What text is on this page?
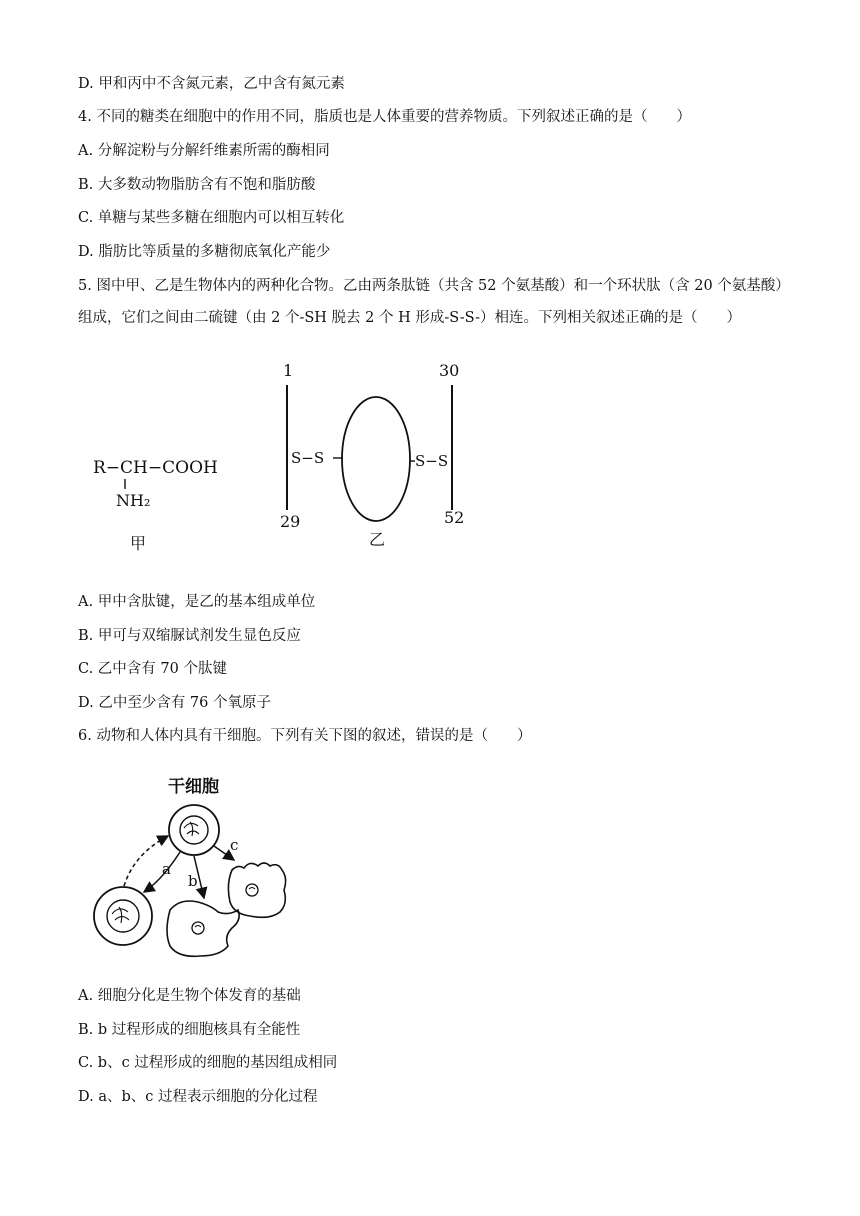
D. 甲和丙中不含氮元素，乙中含有氮元素
4. 不同的糖类在细胞中的作用不同，脂质也是人体重要的营养物质。下列叙述正确的是（　　）
A. 分解淀粉与分解纤维素所需的酶相同
B. 大多数动物脂肪含有不饱和脂肪酸
C. 单糖与某些多糖在细胞内可以相互转化
D. 脂肪比等质量的多糖彻底氧化产能少
5. 图中甲、乙是生物体内的两种化合物。乙由两条肽链（共含 52 个氨基酸）和一个环状肽（含 20 个氨基酸）组成，它们之间由二硫键（由 2 个-SH 脱去 2 个 H 形成-S-S-）相连。下列相关叙述正确的是（　　）
R−CH−COOH
NH₂
甲
1
29
S−S	S−S
30
52
乙
A. 甲中含肽键，是乙的基本组成单位
B. 甲可与双缩脲试剂发生显色反应
C. 乙中含有 70 个肽键
D. 乙中至少含有 76 个氧原子
6. 动物和人体内具有干细胞。下列有关下图的叙述，错误的是（　　）
干细胞
a
b
c
A. 细胞分化是生物个体发育的基础
B. b 过程形成的细胞核具有全能性
C. b、c 过程形成的细胞的基因组成相同
D. a、b、c 过程表示细胞的分化过程
